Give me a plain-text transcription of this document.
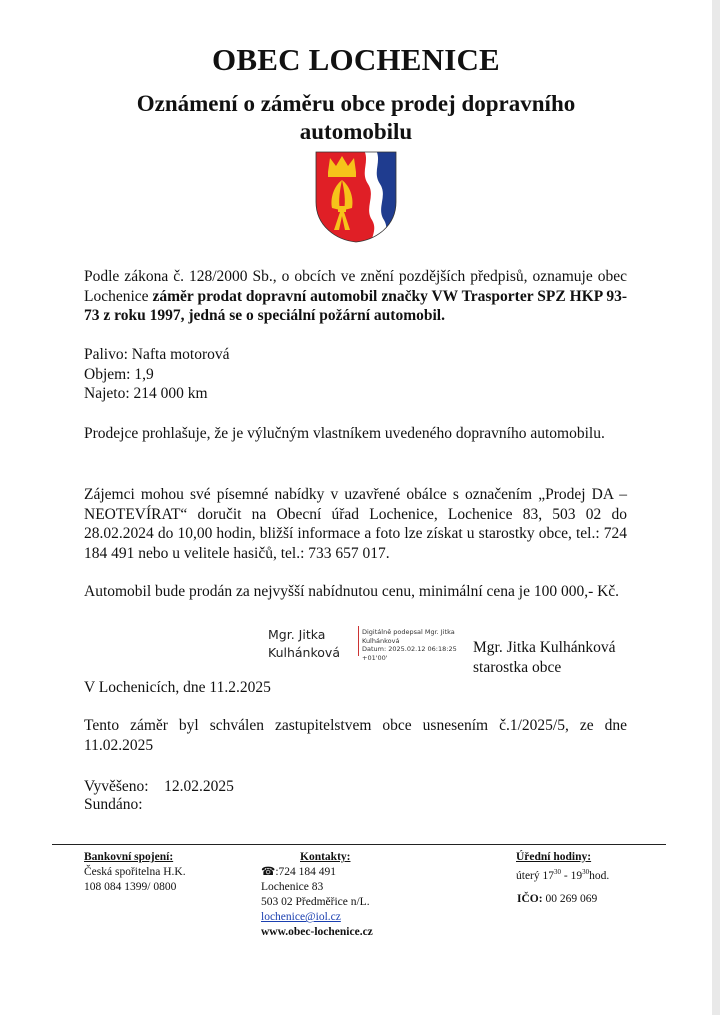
OBEC LOCHENICE
Oznámení o záměru obce prodej dopravního automobilu
Podle zákona č. 128/2000 Sb., o obcích ve znění pozdějších předpisů, oznamuje obec Lochenice záměr prodat dopravní automobil značky VW Trasporter SPZ HKP 93-73 z roku 1997, jedná se o speciální požární automobil.
Palivo: Nafta motorová
Objem: 1,9
Najeto: 214 000 km
Prodejce prohlašuje, že je výlučným vlastníkem uvedeného dopravního automobilu.
Zájemci mohou své písemné nabídky v uzavřené obálce s označením „Prodej DA – NEOTEVÍRAT“ doručit na Obecní úřad Lochenice, Lochenice 83, 503 02 do 28.02.2024 do 10,00 hodin, bližší informace a foto lze získat u starostky obce, tel.: 724 184 491 nebo u velitele hasičů, tel.: 733 657 017.
Automobil bude prodán za nejvyšší nabídnutou cenu, minimální cena je 100 000,- Kč.
Mgr. Jitka
Kulhánková
Digitálně podepsal Mgr. Jitka
Kulhánková
Datum: 2025.02.12 06:18:25
+01'00'
Mgr. Jitka Kulhánková
starostka obce
V Lochenicích, dne 11.2.2025
Tento záměr byl schválen zastupitelstvem obce usnesením č.1/2025/5, ze dne 11.02.2025
Vyvěšeno: 12.02.2025
Sundáno:
Bankovní spojení:
Česká spořitelna H.K.
108 084 1399/ 0800
Kontakty:
☎:724 184 491
Lochenice 83
503 02 Předměřice n/L.
lochenice@iol.cz
www.obec-lochenice.cz
Úřední hodiny:
úterý $17^{30} - 19^{30}hod$.
IČO: 00 269 069
